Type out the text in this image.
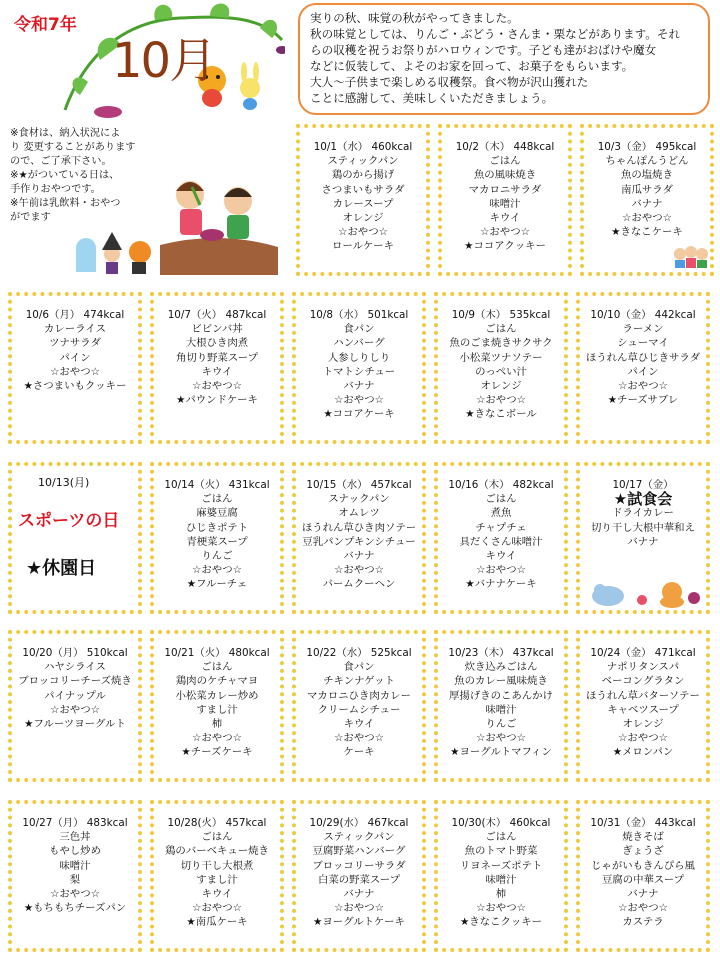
令和7年
10月
実りの秋、味覚の秋がやってきました。
秋の味覚としては、りんご・ぶどう・さんま・栗などがあります。それ
らの収穫を祝うお祭りがハロウィンです。子ども達がおばけや魔女
などに仮装して、よそのお家を回って、お菓子をもらいます。
大人～子供まで楽しめる収穫祭。食べ物が沢山獲れた
ことに感謝して、美味しくいただきましょう。
※食材は、納入状況によ
り 変更することがあります
ので、ご了承下さい。
※★がついている日は、
手作りおやつです。
※午前は乳飲料・おやつ
がでます
10/1（水） 460kcal
スティックパン
鶏のから揚げ
さつまいもサラダ
カレースープ
オレンジ
☆おやつ☆
ロールケーキ
10/2（木） 448kcal
ごはん
魚の風味焼き
マカロニサラダ
味噌汁
キウイ
☆おやつ☆
★ココアクッキー
10/3（金） 495kcal
ちゃんぽんうどん
魚の塩焼き
南瓜サラダ
バナナ
☆おやつ☆
★きなこケーキ
10/6（月） 474kcal
カレーライス
ツナサラダ
パイン
☆おやつ☆
★さつまいもクッキー
10/7（火） 487kcal
ビビンバ丼
大根ひき肉煮
角切り野菜スープ
キウイ
☆おやつ☆
★パウンドケーキ
10/8（水） 501kcal
食パン
ハンバーグ
人参しりしり
トマトシチュー
バナナ
☆おやつ☆
★ココアケーキ
10/9（木） 535kcal
ごはん
魚のごま焼きサクサク
小松菜ツナソテー
のっぺい汁
オレンジ
☆おやつ☆
★きなこボール
10/10（金） 442kcal
ラーメン
シューマイ
ほうれん草ひじきサラダ
パイン
☆おやつ☆
★チーズサブレ
10/13(月)
スポーツの日
★休園日
10/14（火） 431kcal
ごはん
麻婆豆腐
ひじきポテト
青梗菜スープ
りんご
☆おやつ☆
★フルーチェ
10/15（水） 457kcal
スナックパン
オムレツ
ほうれん草ひき肉ソテー
豆乳パンプキンシチュー
バナナ
☆おやつ☆
バームクーヘン
10/16（木） 482kcal
ごはん
煮魚
チャプチェ
具だくさん味噌汁
キウイ
☆おやつ☆
★バナナケーキ
10/17（金）
★試食会
ドライカレー
切り干し大根中華和え
バナナ
10/20（月） 510kcal
ハヤシライス
ブロッコリーチーズ焼き
パイナップル
☆おやつ☆
★フルーツヨーグルト
10/21（火） 480kcal
ごはん
鶏肉のケチャマヨ
小松菜カレー炒め
すまし汁
柿
☆おやつ☆
★チーズケーキ
10/22（水） 525kcal
食パン
チキンナゲット
マカロニひき肉カレー
クリームシチュー
キウイ
☆おやつ☆
ケーキ
10/23（木） 437kcal
炊き込みごはん
魚のカレー風味焼き
厚揚げきのこあんかけ
味噌汁
りんご
☆おやつ☆
★ヨーグルトマフィン
10/24（金） 471kcal
ナポリタンスパ
ベーコングラタン
ほうれん草バターソテー
キャベツスープ
オレンジ
☆おやつ☆
★メロンパン
10/27（月） 483kcal
三色丼
もやし炒め
味噌汁
梨
☆おやつ☆
★もちもちチーズパン
10/28(火） 457kcal
ごはん
鶏のバーベキュー焼き
切り干し大根煮
すまし汁
キウイ
☆おやつ☆
★南瓜ケーキ
10/29(水） 467kcal
スティックパン
豆腐野菜ハンバーグ
ブロッコリーサラダ
白菜の野菜スープ
バナナ
☆おやつ☆
★ヨーグルトケーキ
10/30(木） 460kcal
ごはん
魚のトマト野菜
リヨネーズポテト
味噌汁
柿
☆おやつ☆
★きなこクッキー
10/31（金） 443kcal
焼きそば
ぎょうざ
じゃがいもきんぴら風
豆腐の中華スープ
バナナ
☆おやつ☆
カステラ
